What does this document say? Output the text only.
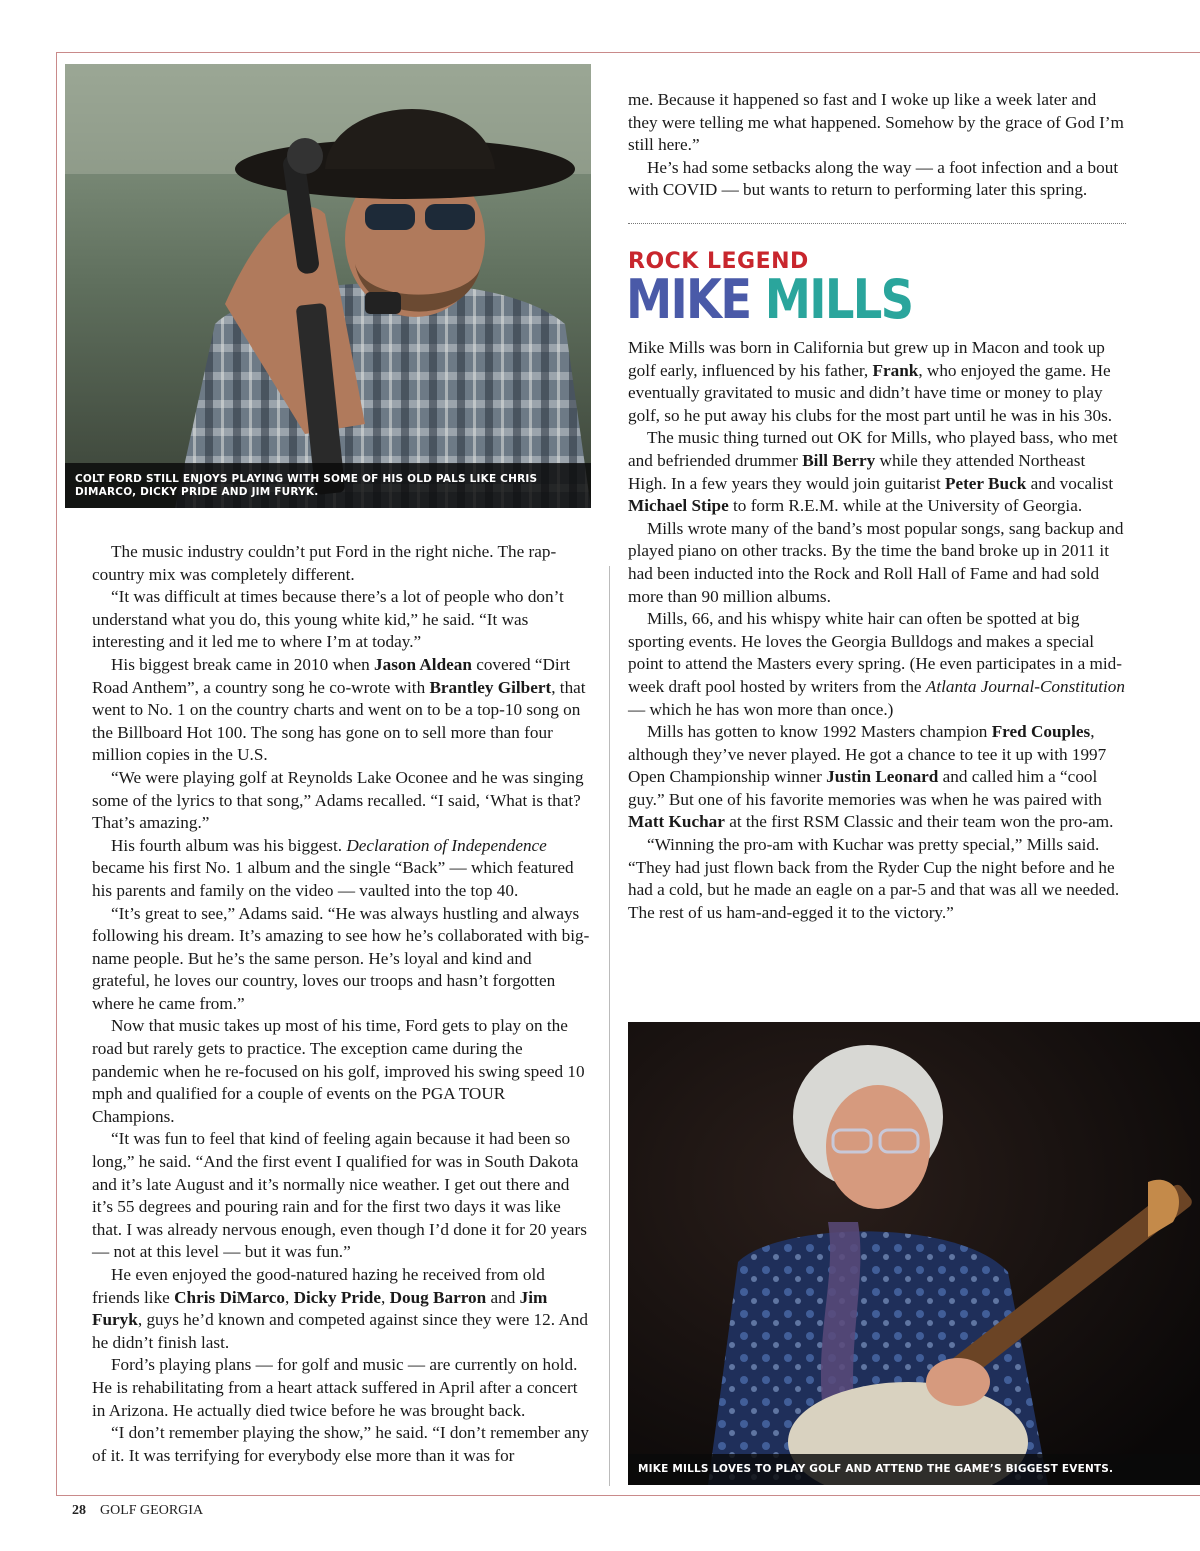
COLT FORD STILL ENJOYS PLAYING WITH SOME OF HIS OLD PALS LIKE CHRIS DIMARCO, DICKY PRIDE AND JIM FURYK.

me. Because it happened so fast and I woke up like a week later and they were telling me what happened. Somehow by the grace of God I’m still here.”

He’s had some setbacks along the way — a foot infection and a bout with COVID — but wants to return to performing later this spring.

ROCK LEGEND
MIKE MILLS

Mike Mills was born in California but grew up in Macon and took up golf early, influenced by his father, Frank, who enjoyed the game. He eventually gravitated to music and didn’t have time or money to play golf, so he put away his clubs for the most part until he was in his 30s.

The music thing turned out OK for Mills, who played bass, who met and befriended drummer Bill Berry while they attended Northeast High. In a few years they would join guitarist Peter Buck and vocalist Michael Stipe to form R.E.M. while at the University of Georgia.

Mills wrote many of the band’s most popular songs, sang backup and played piano on other tracks. By the time the band broke up in 2011 it had been inducted into the Rock and Roll Hall of Fame and had sold more than 90 million albums.

Mills, 66, and his whispy white hair can often be spotted at big sporting events. He loves the Georgia Bulldogs and makes a special point to attend the Masters every spring. (He even participates in a mid-week draft pool hosted by writers from the Atlanta Journal-Constitution — which he has won more than once.)

Mills has gotten to know 1992 Masters champion Fred Couples, although they’ve never played. He got a chance to tee it up with 1997 Open Championship winner Justin Leonard and called him a “cool guy.” But one of his favorite memories was when he was paired with Matt Kuchar at the first RSM Classic and their team won the pro-am.

“Winning the pro-am with Kuchar was pretty special,” Mills said. “They had just flown back from the Ryder Cup the night before and he had a cold, but he made an eagle on a par-5 and that was all we needed. The rest of us ham-and-egged it to the victory.”

The music industry couldn’t put Ford in the right niche. The rap-country mix was completely different.

“It was difficult at times because there’s a lot of people who don’t understand what you do, this young white kid,” he said. “It was interesting and it led me to where I’m at today.”

His biggest break came in 2010 when Jason Aldean covered “Dirt Road Anthem”, a country song he co-wrote with Brantley Gilbert, that went to No. 1 on the country charts and went on to be a top-10 song on the Billboard Hot 100. The song has gone on to sell more than four million copies in the U.S.

“We were playing golf at Reynolds Lake Oconee and he was singing some of the lyrics to that song,” Adams recalled. “I said, ‘What is that? That’s amazing.”

His fourth album was his biggest. Declaration of Independence became his first No. 1 album and the single “Back” — which featured his parents and family on the video — vaulted into the top 40.

“It’s great to see,” Adams said. “He was always hustling and always following his dream. It’s amazing to see how he’s collaborated with big-name people. But he’s the same person. He’s loyal and kind and grateful, he loves our country, loves our troops and hasn’t forgotten where he came from.”

Now that music takes up most of his time, Ford gets to play on the road but rarely gets to practice. The exception came during the pandemic when he re-focused on his golf, improved his swing speed 10 mph and qualified for a couple of events on the PGA TOUR Champions.

“It was fun to feel that kind of feeling again because it had been so long,” he said. “And the first event I qualified for was in South Dakota and it’s late August and it’s normally nice weather. I get out there and it’s 55 degrees and pouring rain and for the first two days it was like that. I was already nervous enough, even though I’d done it for 20 years — not at this level — but it was fun.”

He even enjoyed the good-natured hazing he received from old friends like Chris DiMarco, Dicky Pride, Doug Barron and Jim Furyk, guys he’d known and competed against since they were 12. And he didn’t finish last.

Ford’s playing plans — for golf and music — are currently on hold. He is rehabilitating from a heart attack suffered in April after a concert in Arizona. He actually died twice before he was brought back.

“I don’t remember playing the show,” he said. “I don’t remember any of it. It was terrifying for everybody else more than it was for

MIKE MILLS LOVES TO PLAY GOLF AND ATTEND THE GAME’S BIGGEST EVENTS.
28 GOLF GEORGIA
